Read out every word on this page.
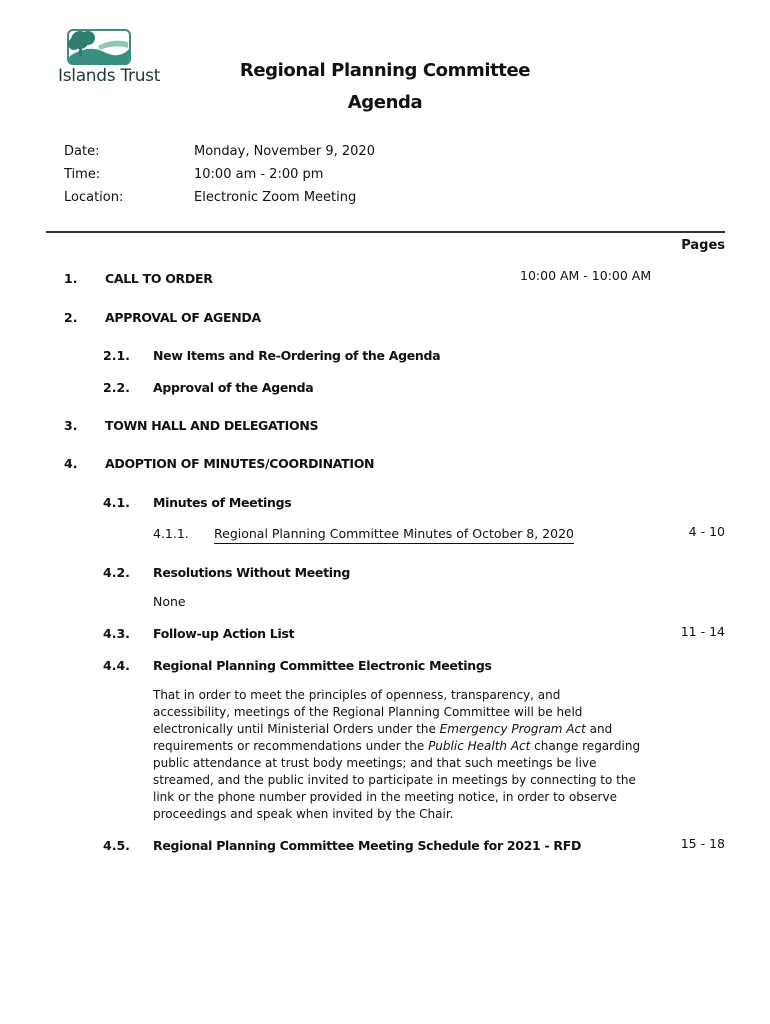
Islands Trust	Regional Planning Committee
Agenda
Date:	Monday, November 9, 2020
Time:	10:00 am - 2:00 pm
Location:	Electronic Zoom Meeting
Pages
1. CALL TO ORDER	10:00 AM - 10:00 AM
2. APPROVAL OF AGENDA
2.1. New Items and Re-Ordering of the Agenda
2.2. Approval of the Agenda
3. TOWN HALL AND DELEGATIONS
4. ADOPTION OF MINUTES/COORDINATION
4.1. Minutes of Meetings
4.1.1. Regional Planning Committee Minutes of October 8, 2020	4 - 10
4.2. Resolutions Without Meeting
None
4.3. Follow-up Action List	11 - 14
4.4. Regional Planning Committee Electronic Meetings
That in order to meet the principles of openness, transparency, and accessibility, meetings of the Regional Planning Committee will be held electronically until Ministerial Orders under the Emergency Program Act and requirements or recommendations under the Public Health Act change regarding public attendance at trust body meetings; and that such meetings be live streamed, and the public invited to participate in meetings by connecting to the link or the phone number provided in the meeting notice, in order to observe proceedings and speak when invited by the Chair.
4.5. Regional Planning Committee Meeting Schedule for 2021 - RFD	15 - 18
